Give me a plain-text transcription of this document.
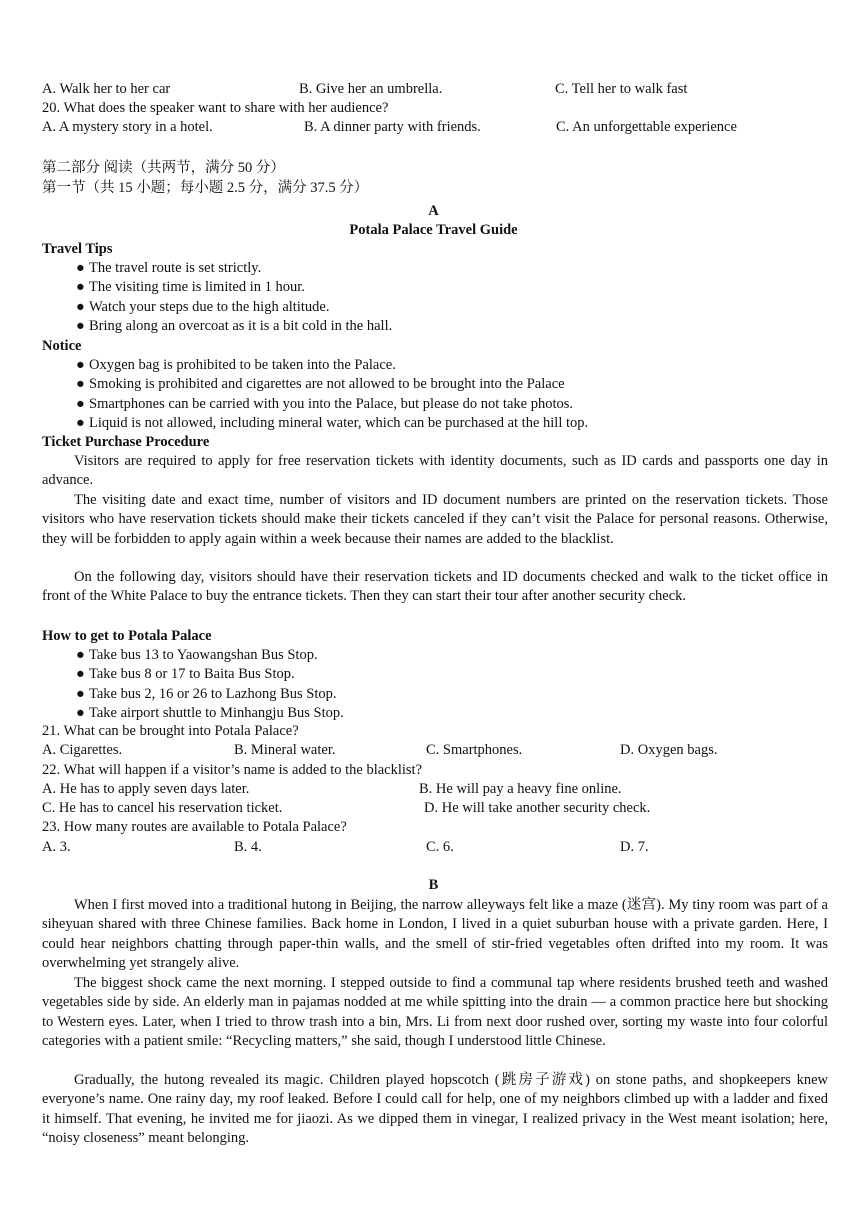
A. Walk her to her car	B. Give her an umbrella.	C. Tell her to walk fast
20. What does the speaker want to share with her audience?
A. A mystery story in a hotel.	B. A dinner party with friends.	C. An unforgettable experience
第二部分 阅读（共两节，满分 50 分）
第一节（共 15 小题；每小题 2.5 分，满分 37.5 分）
A
Potala Palace Travel Guide
Travel Tips
● The travel route is set strictly.
● The visiting time is limited in 1 hour.
● Watch your steps due to the high altitude.
● Bring along an overcoat as it is a bit cold in the hall.
Notice
● Oxygen bag is prohibited to be taken into the Palace.
● Smoking is prohibited and cigarettes are not allowed to be brought into the Palace
● Smartphones can be carried with you into the Palace, but please do not take photos.
● Liquid is not allowed, including mineral water, which can be purchased at the hill top.
Ticket Purchase Procedure

Visitors are required to apply for free reservation tickets with identity documents, such as ID cards and passports one day in advance.

The visiting date and exact time, number of visitors and ID document numbers are printed on the reservation tickets. Those visitors who have reservation tickets should make their tickets canceled if they can’t visit the Palace for personal reasons. Otherwise, they will be forbidden to apply again within a week because their names are added to the blacklist.

On the following day, visitors should have their reservation tickets and ID documents checked and walk to the ticket office in front of the White Palace to buy the entrance tickets. Then they can start their tour after another security check.

How to get to Potala Palace
● Take bus 13 to Yaowangshan Bus Stop.
● Take bus 8 or 17 to Baita Bus Stop.
● Take bus 2, 16 or 26 to Lazhong Bus Stop.
● Take airport shuttle to Minhangju Bus Stop.
21. What can be brought into Potala Palace?
A. Cigarettes.	B. Mineral water.	C. Smartphones.	D. Oxygen bags.
22. What will happen if a visitor’s name is added to the blacklist?
A. He has to apply seven days later.	B. He will pay a heavy fine online.
C. He has to cancel his reservation ticket.	D. He will take another security check.
23. How many routes are available to Potala Palace?
A. 3.	B. 4.	C. 6.	D. 7.
B

When I first moved into a traditional hutong in Beijing, the narrow alleyways felt like a maze (迷宫). My tiny room was part of a siheyuan shared with three Chinese families. Back home in London, I lived in a quiet suburban house with a private garden. Here, I could hear neighbors chatting through paper-thin walls, and the smell of stir-fried vegetables often drifted into my room. It was overwhelming yet strangely alive.

The biggest shock came the next morning. I stepped outside to find a communal tap where residents brushed teeth and washed vegetables side by side. An elderly man in pajamas nodded at me while spitting into the drain — a common practice here but shocking to Western eyes. Later, when I tried to throw trash into a bin, Mrs. Li from next door rushed over, sorting my waste into four colorful categories with a patient smile: “Recycling matters,” she said, though I understood little Chinese.

Gradually, the hutong revealed its magic. Children played hopscotch (跳房子游戏) on stone paths, and shopkeepers knew everyone’s name. One rainy day, my roof leaked. Before I could call for help, one of my neighbors climbed up with a ladder and fixed it himself. That evening, he invited me for jiaozi. As we dipped them in vinegar, I realized privacy in the West meant isolation; here, “noisy closeness” meant belonging.
